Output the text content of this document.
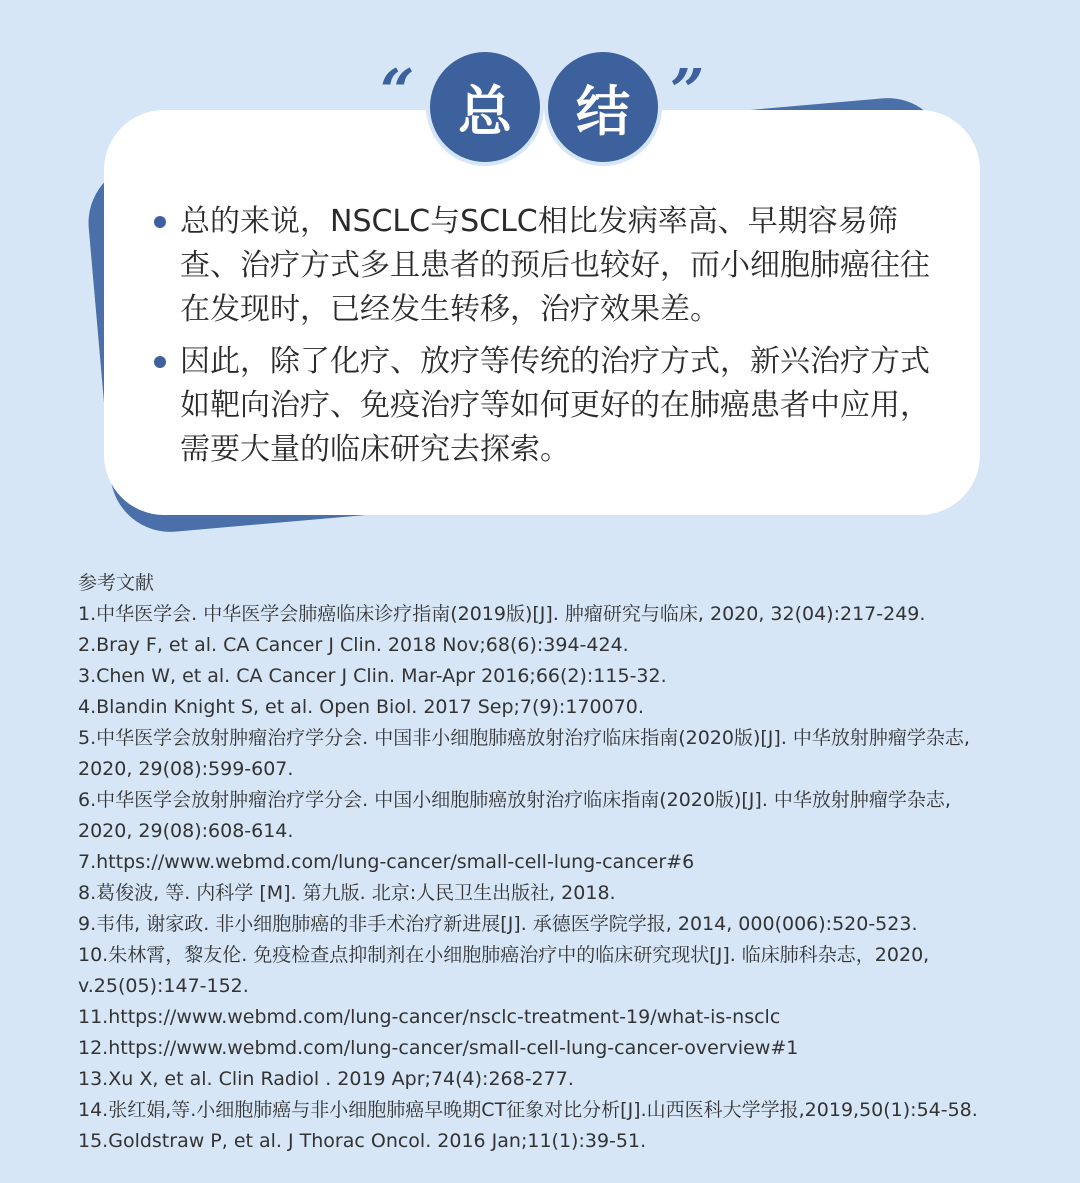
“ 总	结 ”
总的来说，NSCLC与SCLC相比发病率高、早期容易筛查、治疗方式多且患者的预后也较好，而小细胞肺癌往往在发现时，已经发生转移，治疗效果差。
因此，除了化疗、放疗等传统的治疗方式，新兴治疗方式如靶向治疗、免疫治疗等如何更好的在肺癌患者中应用，需要大量的临床研究去探索。
参考文献
1.中华医学会. 中华医学会肺癌临床诊疗指南(2019版)[J]. 肿瘤研究与临床, 2020, 32(04):217-249.
2.Bray F, et al. CA Cancer J Clin. 2018 Nov;68(6):394-424.
3.Chen W, et al. CA Cancer J Clin. Mar-Apr 2016;66(2):115-32.
4.Blandin Knight S, et al. Open Biol. 2017 Sep;7(9):170070.
5.中华医学会放射肿瘤治疗学分会. 中国非小细胞肺癌放射治疗临床指南(2020版)[J]. 中华放射肿瘤学杂志, 2020, 29(08):599-607.
6.中华医学会放射肿瘤治疗学分会. 中国小细胞肺癌放射治疗临床指南(2020版)[J]. 中华放射肿瘤学杂志, 2020, 29(08):608-614.
7.https://www.webmd.com/lung-cancer/small-cell-lung-cancer#6
8.葛俊波, 等. 内科学 [M]. 第九版. 北京:人民卫生出版社, 2018.
9.韦伟, 谢家政. 非小细胞肺癌的非手术治疗新进展[J]. 承德医学院学报, 2014, 000(006):520-523.
10.朱林霄，黎友伦. 免疫检查点抑制剂在小细胞肺癌治疗中的临床研究现状[J]. 临床肺科杂志，2020, v.25(05):147-152.
11.https://www.webmd.com/lung-cancer/nsclc-treatment-19/what-is-nsclc
12.https://www.webmd.com/lung-cancer/small-cell-lung-cancer-overview#1
13.Xu X, et al. Clin Radiol . 2019 Apr;74(4):268-277.
14.张红娟,等.小细胞肺癌与非小细胞肺癌早晚期CT征象对比分析[J].山西医科大学学报,2019,50(1):54-58.
15.Goldstraw P, et al. J Thorac Oncol. 2016 Jan;11(1):39-51.
